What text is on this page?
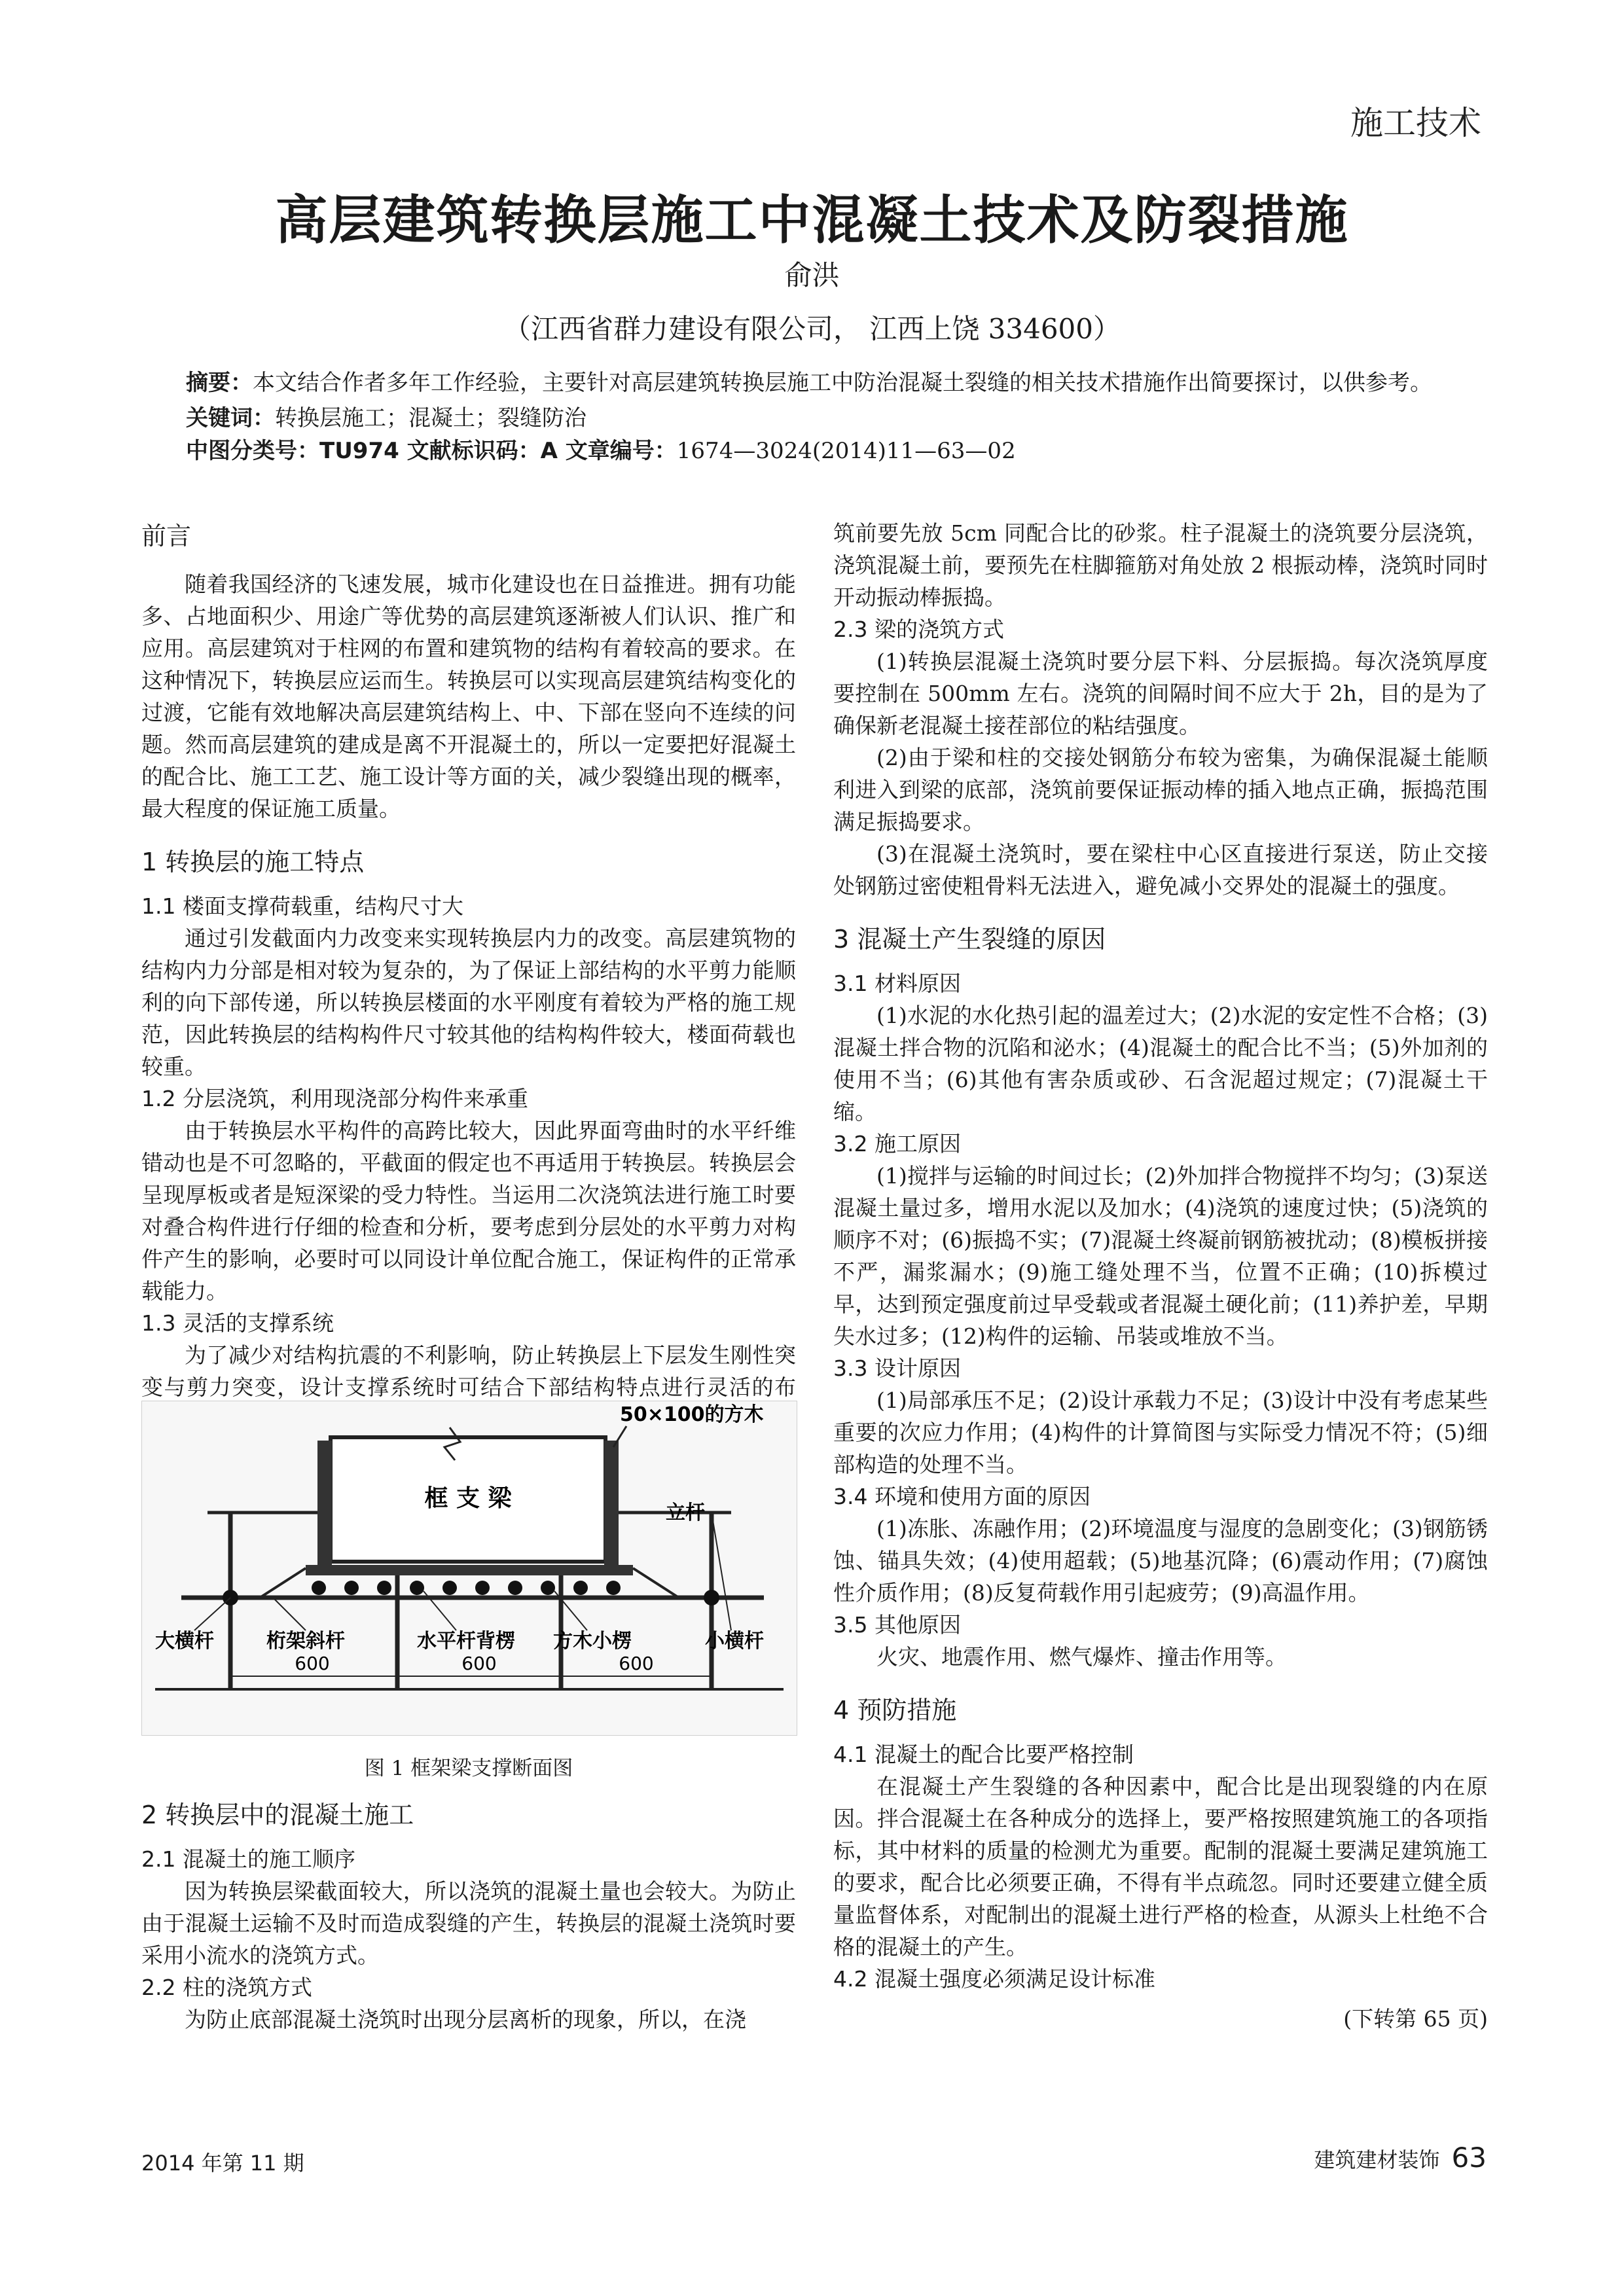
施工技术
高层建筑转换层施工中混凝土技术及防裂措施
俞洪
（江西省群力建设有限公司， 江西上饶 334600）
摘要：本文结合作者多年工作经验，主要针对高层建筑转换层施工中防治混凝土裂缝的相关技术措施作出简要探讨，以供参考。
关键词：转换层施工；混凝土；裂缝防治
中图分类号：TU974 文献标识码：A 文章编号：1674—3024(2014)11—63—02
前言

随着我国经济的飞速发展，城市化建设也在日益推进。拥有功能多、占地面积少、用途广等优势的高层建筑逐渐被人们认识、推广和应用。高层建筑对于柱网的布置和建筑物的结构有着较高的要求。在这种情况下，转换层应运而生。转换层可以实现高层建筑结构变化的过渡，它能有效地解决高层建筑结构上、中、下部在竖向不连续的问题。然而高层建筑的建成是离不开混凝土的，所以一定要把好混凝土的配合比、施工工艺、施工设计等方面的关，减少裂缝出现的概率，最大程度的保证施工质量。

1 转换层的施工特点
1.1 楼面支撑荷载重，结构尺寸大

通过引发截面内力改变来实现转换层内力的改变。高层建筑物的结构内力分部是相对较为复杂的，为了保证上部结构的水平剪力能顺利的向下部传递，所以转换层楼面的水平刚度有着较为严格的施工规范，因此转换层的结构构件尺寸较其他的结构构件较大，楼面荷载也较重。

1.2 分层浇筑，利用现浇部分构件来承重

由于转换层水平构件的高跨比较大，因此界面弯曲时的水平纤维错动也是不可忽略的，平截面的假定也不再适用于转换层。转换层会呈现厚板或者是短深梁的受力特性。当运用二次浇筑法进行施工时要对叠合构件进行仔细的检查和分析，要考虑到分层处的水平剪力对构件产生的影响，必要时可以同设计单位配合施工，保证构件的正常承载能力。

1.3 灵活的支撑系统

为了减少对结构抗震的不利影响，防止转换层上下层发生刚性突变与剪力突变，设计支撑系统时可结合下部结构特点进行灵活的布

框 支 梁
50×100的方木
立杆
大横杆	桁架斜杆	水平杆背楞 方木小楞	小横杆
600	600	600
图 1 框架梁支撑断面图
2 转换层中的混凝土施工
2.1 混凝土的施工顺序

因为转换层梁截面较大，所以浇筑的混凝土量也会较大。为防止由于混凝土运输不及时而造成裂缝的产生，转换层的混凝土浇筑时要采用小流水的浇筑方式。

2.2 柱的浇筑方式

为防止底部混凝土浇筑时出现分层离析的现象，所以，在浇

筑前要先放 5cm 同配合比的砂浆。柱子混凝土的浇筑要分层浇筑，浇筑混凝土前，要预先在柱脚箍筋对角处放 2 根振动棒，浇筑时同时开动振动棒振捣。

2.3 梁的浇筑方式

(1)转换层混凝土浇筑时要分层下料、分层振捣。每次浇筑厚度要控制在 500mm 左右。浇筑的间隔时间不应大于 2h，目的是为了确保新老混凝土接茬部位的粘结强度。

(2)由于梁和柱的交接处钢筋分布较为密集，为确保混凝土能顺利进入到梁的底部，浇筑前要保证振动棒的插入地点正确，振捣范围满足振捣要求。

(3)在混凝土浇筑时，要在梁柱中心区直接进行泵送，防止交接处钢筋过密使粗骨料无法进入，避免减小交界处的混凝土的强度。

3 混凝土产生裂缝的原因
3.1 材料原因

(1)水泥的水化热引起的温差过大；(2)水泥的安定性不合格；(3)混凝土拌合物的沉陷和泌水；(4)混凝土的配合比不当；(5)外加剂的使用不当；(6)其他有害杂质或砂、石含泥超过规定；(7)混凝土干缩。

3.2 施工原因

(1)搅拌与运输的时间过长；(2)外加拌合物搅拌不均匀；(3)泵送混凝土量过多，增用水泥以及加水；(4)浇筑的速度过快；(5)浇筑的顺序不对；(6)振捣不实；(7)混凝土终凝前钢筋被扰动；(8)模板拼接不严，漏浆漏水；(9)施工缝处理不当，位置不正确；(10)拆模过早，达到预定强度前过早受载或者混凝土硬化前；(11)养护差，早期失水过多；(12)构件的运输、吊装或堆放不当。

3.3 设计原因

(1)局部承压不足；(2)设计承载力不足；(3)设计中没有考虑某些重要的次应力作用；(4)构件的计算简图与实际受力情况不符；(5)细部构造的处理不当。

3.4 环境和使用方面的原因

(1)冻胀、冻融作用；(2)环境温度与湿度的急剧变化；(3)钢筋锈蚀、锚具失效；(4)使用超载；(5)地基沉降；(6)震动作用；(7)腐蚀性介质作用；(8)反复荷载作用引起疲劳；(9)高温作用。

3.5 其他原因

火灾、地震作用、燃气爆炸、撞击作用等。

4 预防措施
4.1 混凝土的配合比要严格控制

在混凝土产生裂缝的各种因素中，配合比是出现裂缝的内在原因。拌合混凝土在各种成分的选择上，要严格按照建筑施工的各项指标，其中材料的质量的检测尤为重要。配制的混凝土要满足建筑施工的要求，配合比必须要正确，不得有半点疏忽。同时还要建立健全质量监督体系，对配制出的混凝土进行严格的检查，从源头上杜绝不合格的混凝土的产生。

4.2 混凝土强度必须满足设计标准
(下转第 65 页)
2014 年第 11 期	建筑建材装饰 63
